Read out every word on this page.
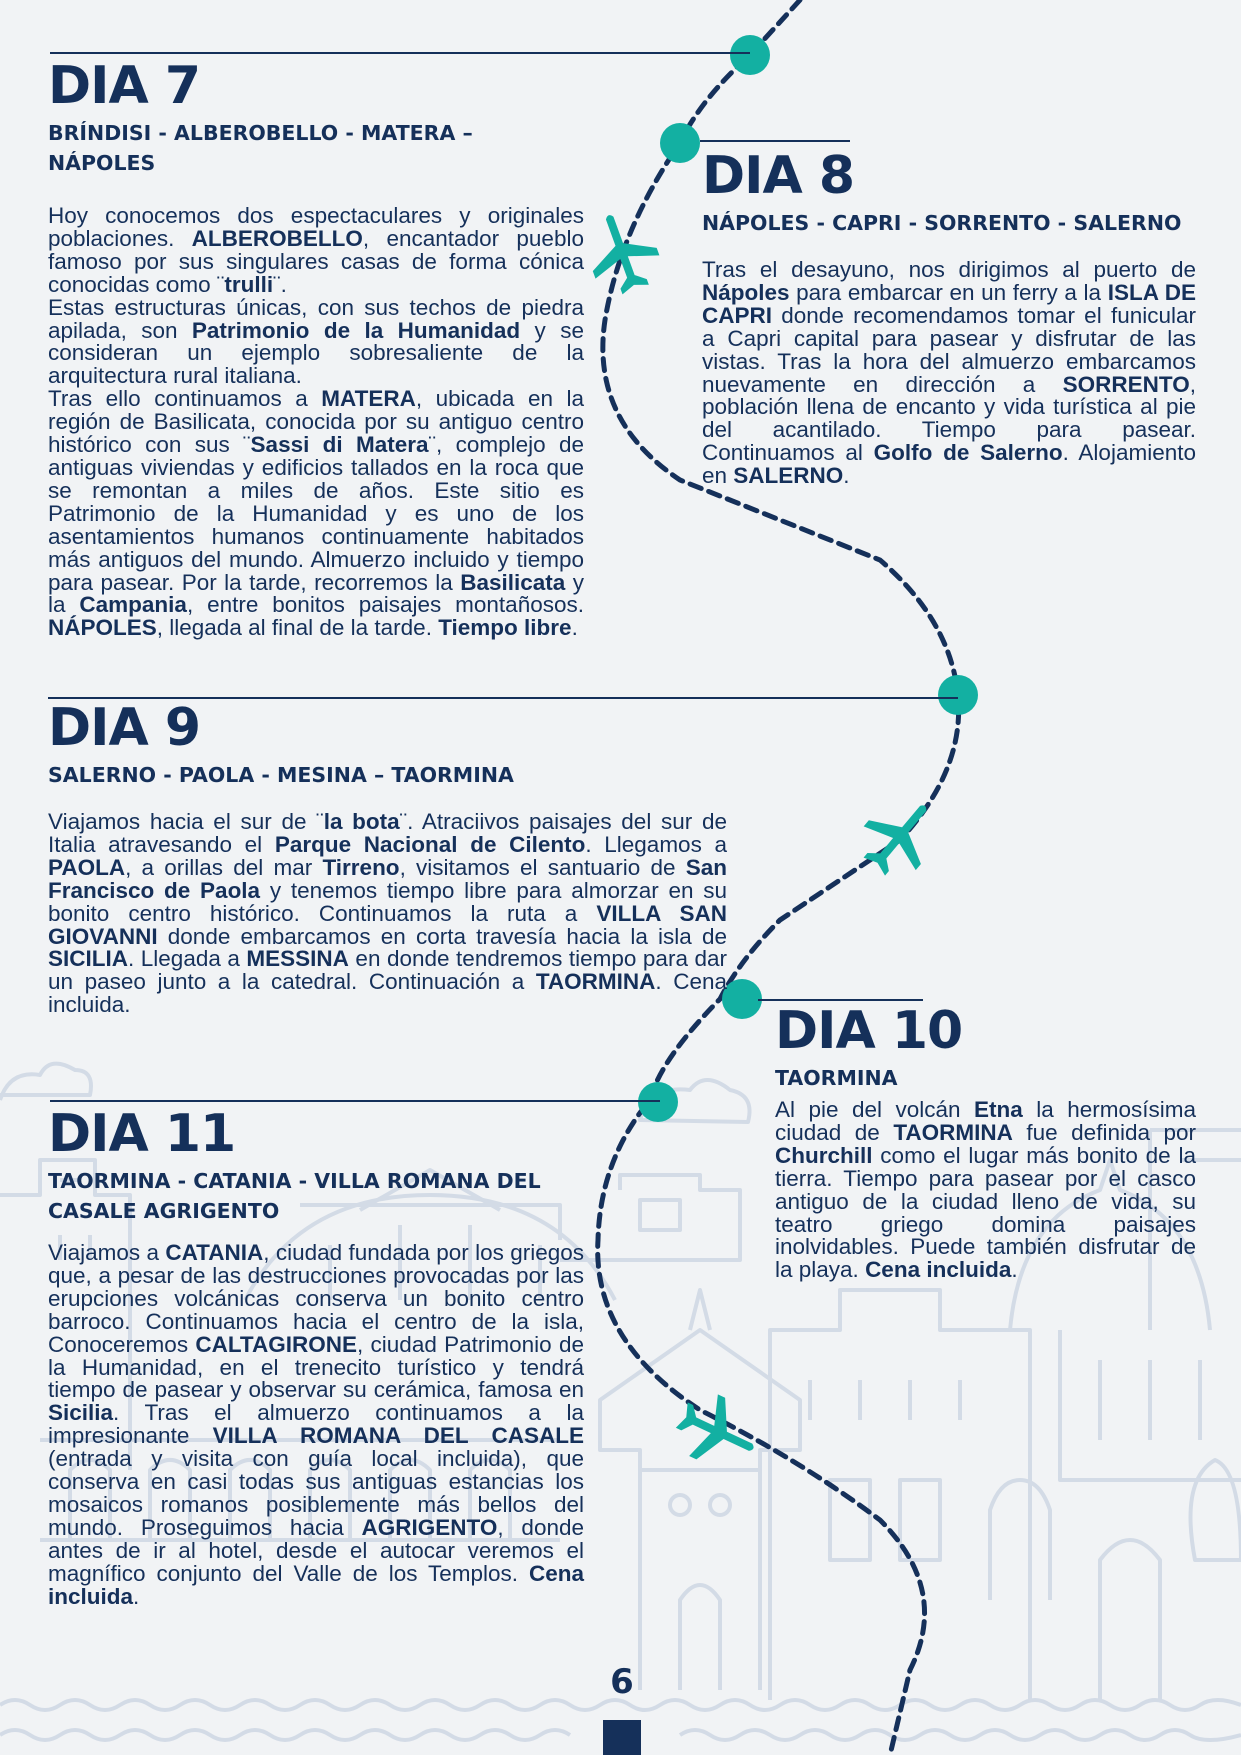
DIA 7

BRÍNDISI - ALBEROBELLO - MATERA – NÁPOLES

Hoy conocemos dos espectaculares y originales poblaciones. ALBEROBELLO, encantador pueblo famoso por sus singulares casas de forma cónica conocidas como ¨trulli¨.
Estas estructuras únicas, con sus techos de piedra apilada, son Patrimonio de la Humanidad y se consideran un ejemplo sobresaliente de la arquitectura rural italiana.
Tras ello continuamos a MATERA, ubicada en la región de Basilicata, conocida por su antiguo centro histórico con sus ¨Sassi di Matera¨, complejo de antiguas viviendas y edificios tallados en la roca que se remontan a miles de años. Este sitio es Patrimonio de la Humanidad y es uno de los asentamientos humanos continuamente habitados más antiguos del mundo. Almuerzo incluido y tiempo para pasear. Por la tarde, recorremos la Basilicata y la Campania, entre bonitos paisajes montañosos. NÁPOLES, llegada al final de la tarde. Tiempo libre.

DIA 8

NÁPOLES - CAPRI - SORRENTO - SALERNO

Tras el desayuno, nos dirigimos al puerto de Nápoles para embarcar en un ferry a la ISLA DE CAPRI donde recomendamos tomar el funicular a Capri capital para pasear y disfrutar de las vistas. Tras la hora del almuerzo embarcamos nuevamente en dirección a SORRENTO, población llena de encanto y vida turística al pie del acantilado. Tiempo para pasear. Continuamos al Golfo de Salerno. Alojamiento en SALERNO.

DIA 9

SALERNO - PAOLA - MESINA – TAORMINA

Viajamos hacia el sur de ¨la bota¨. Atraciivos paisajes del sur de Italia atravesando el Parque Nacional de Cilento. Llegamos a PAOLA, a orillas del mar Tirreno, visitamos el santuario de San Francisco de Paola y tenemos tiempo libre para almorzar en su bonito centro histórico. Continuamos la ruta a VILLA SAN GIOVANNI donde embarcamos en corta travesía hacia la isla de SICILIA. Llegada a MESSINA en donde tendremos tiempo para dar un paseo junto a la catedral. Continuación a TAORMINA. Cena incluida.	DIA 10

TAORMINA

Al pie del volcán Etna la hermosísima ciudad de TAORMINA fue definida por Churchill como el lugar más bonito de la tierra. Tiempo para pasear por el casco antiguo de la ciudad lleno de vida, su teatro griego domina paisajes inolvidables. Puede también disfrutar de la playa. Cena incluida.

DIA 11

TAORMINA - CATANIA - VILLA ROMANA DEL CASALE AGRIGENTO

Viajamos a CATANIA, ciudad fundada por los griegos que, a pesar de las destrucciones provocadas por las erupciones volcánicas conserva un bonito centro barroco. Continuamos hacia el centro de la isla, Conoceremos CALTAGIRONE, ciudad Patrimonio de la Humanidad, en el trenecito turístico y tendrá tiempo de pasear y observar su cerámica, famosa en Sicilia. Tras el almuerzo continuamos a la impresionante VILLA ROMANA DEL CASALE (entrada y visita con guía local incluida), que conserva en casi todas sus antiguas estancias los mosaicos romanos posiblemente más bellos del mundo. Proseguimos hacia AGRIGENTO, donde antes de ir al hotel, desde el autocar veremos el magnífico conjunto del Valle de los Templos. Cena incluida.

6
